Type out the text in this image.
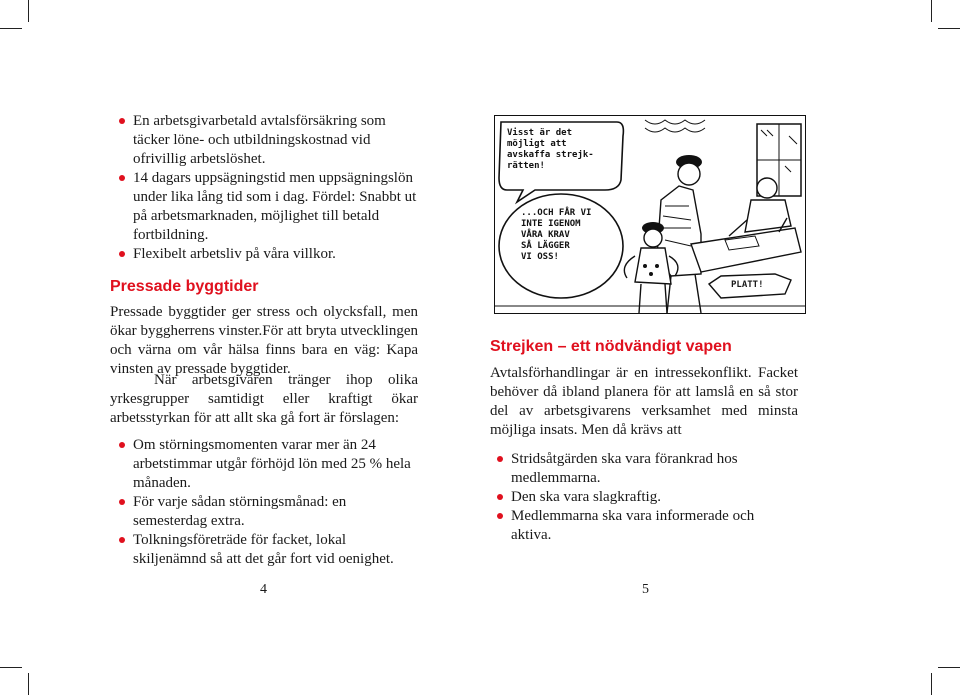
En arbetsgivarbetald avtalsförsäkring som täcker löne- och utbildningskostnad vid ofrivillig arbetslöshet.
14 dagars uppsägningstid men uppsägningslön under lika lång tid som i dag. Fördel: Snabbt ut på arbetsmarknaden, möjlighet till betald fortbildning.
Flexibelt arbetsliv på våra villkor.
Pressade byggtider
Pressade byggtider ger stress och olycksfall, men ökar byggherrens vinster.För att bryta utvecklingen och värna om vår hälsa finns bara en väg: Kapa vinsten av pressade byggtider.
När arbetsgivaren tränger ihop olika yrkesgrupper samtidigt eller kraftigt ökar arbetsstyrkan för att allt ska gå fort är förslagen:
Om störningsmomenten varar mer än 24 arbetstimmar utgår förhöjd lön med 25 % hela månaden.
För varje sådan störningsmånad: en semesterdag extra.
Tolkningsföreträde för facket, lokal skiljenämnd så att det går fort vid oenighet.
4
Visst är det
möjligt att
avskaffa strejk-
rätten!
...OCH FÅR VI
INTE IGENOM
VÅRA KRAV
SÅ LÄGGER
VI OSS!
PLATT!
Strejken – ett nödvändigt vapen
Avtalsförhandlingar är en intressekonflikt. Facket behöver då ibland planera för att lamslå en så stor del av arbetsgivarens verksamhet med minsta möjliga insats. Men då krävs att
Stridsåtgärden ska vara förankrad hos medlemmarna.
Den ska vara slagkraftig.
Medlemmarna ska vara informerade och aktiva.
5
